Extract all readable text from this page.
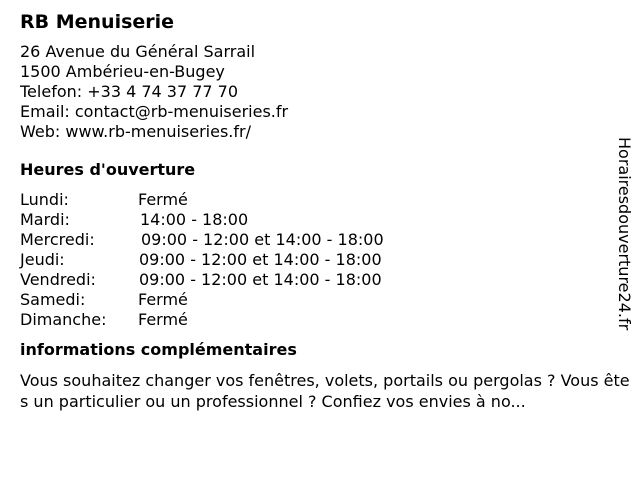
RB Menuiserie
26 Avenue du Général Sarrail
1500 Ambérieu-en-Bugey
Telefon: +33 4 74 37 77 70
Email: contact@rb-menuiseries.fr
Web: www.rb-menuiseries.fr/
Heures d'ouverture
Lundi:	Fermé
Mardi:	14:00 - 18:00
Mercredi:	09:00 - 12:00 et 14:00 - 18:00
Jeudi:	09:00 - 12:00 et 14:00 - 18:00
Vendredi:	09:00 - 12:00 et 14:00 - 18:00
Samedi:	Fermé
Dimanche: Fermé
informations complémentaires
Vous souhaitez changer vos fenêtres, volets, portails ou pergolas ? Vous êtes un particulier ou un professionnel ? Confiez vos envies à no...
Horairesdouverture24.fr
